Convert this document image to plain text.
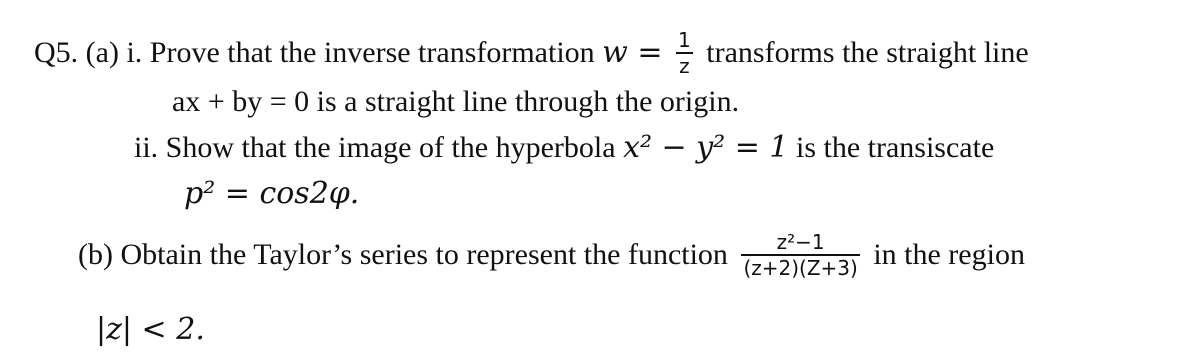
Q5. (a) i. Prove that the inverse transformation $w = \frac{1}{z}$ transforms the straight line
ax + by = 0 is a straight line through the origin.
ii. Show that the image of the hyperbola x² − y² = 1 is the transiscate
p² = cos2φ.
(b) Obtain the Taylor’s series to represent the function $\frac{\text{z²−1}}{(z+2)(Z+3)}$ in the region
|z| < 2.
